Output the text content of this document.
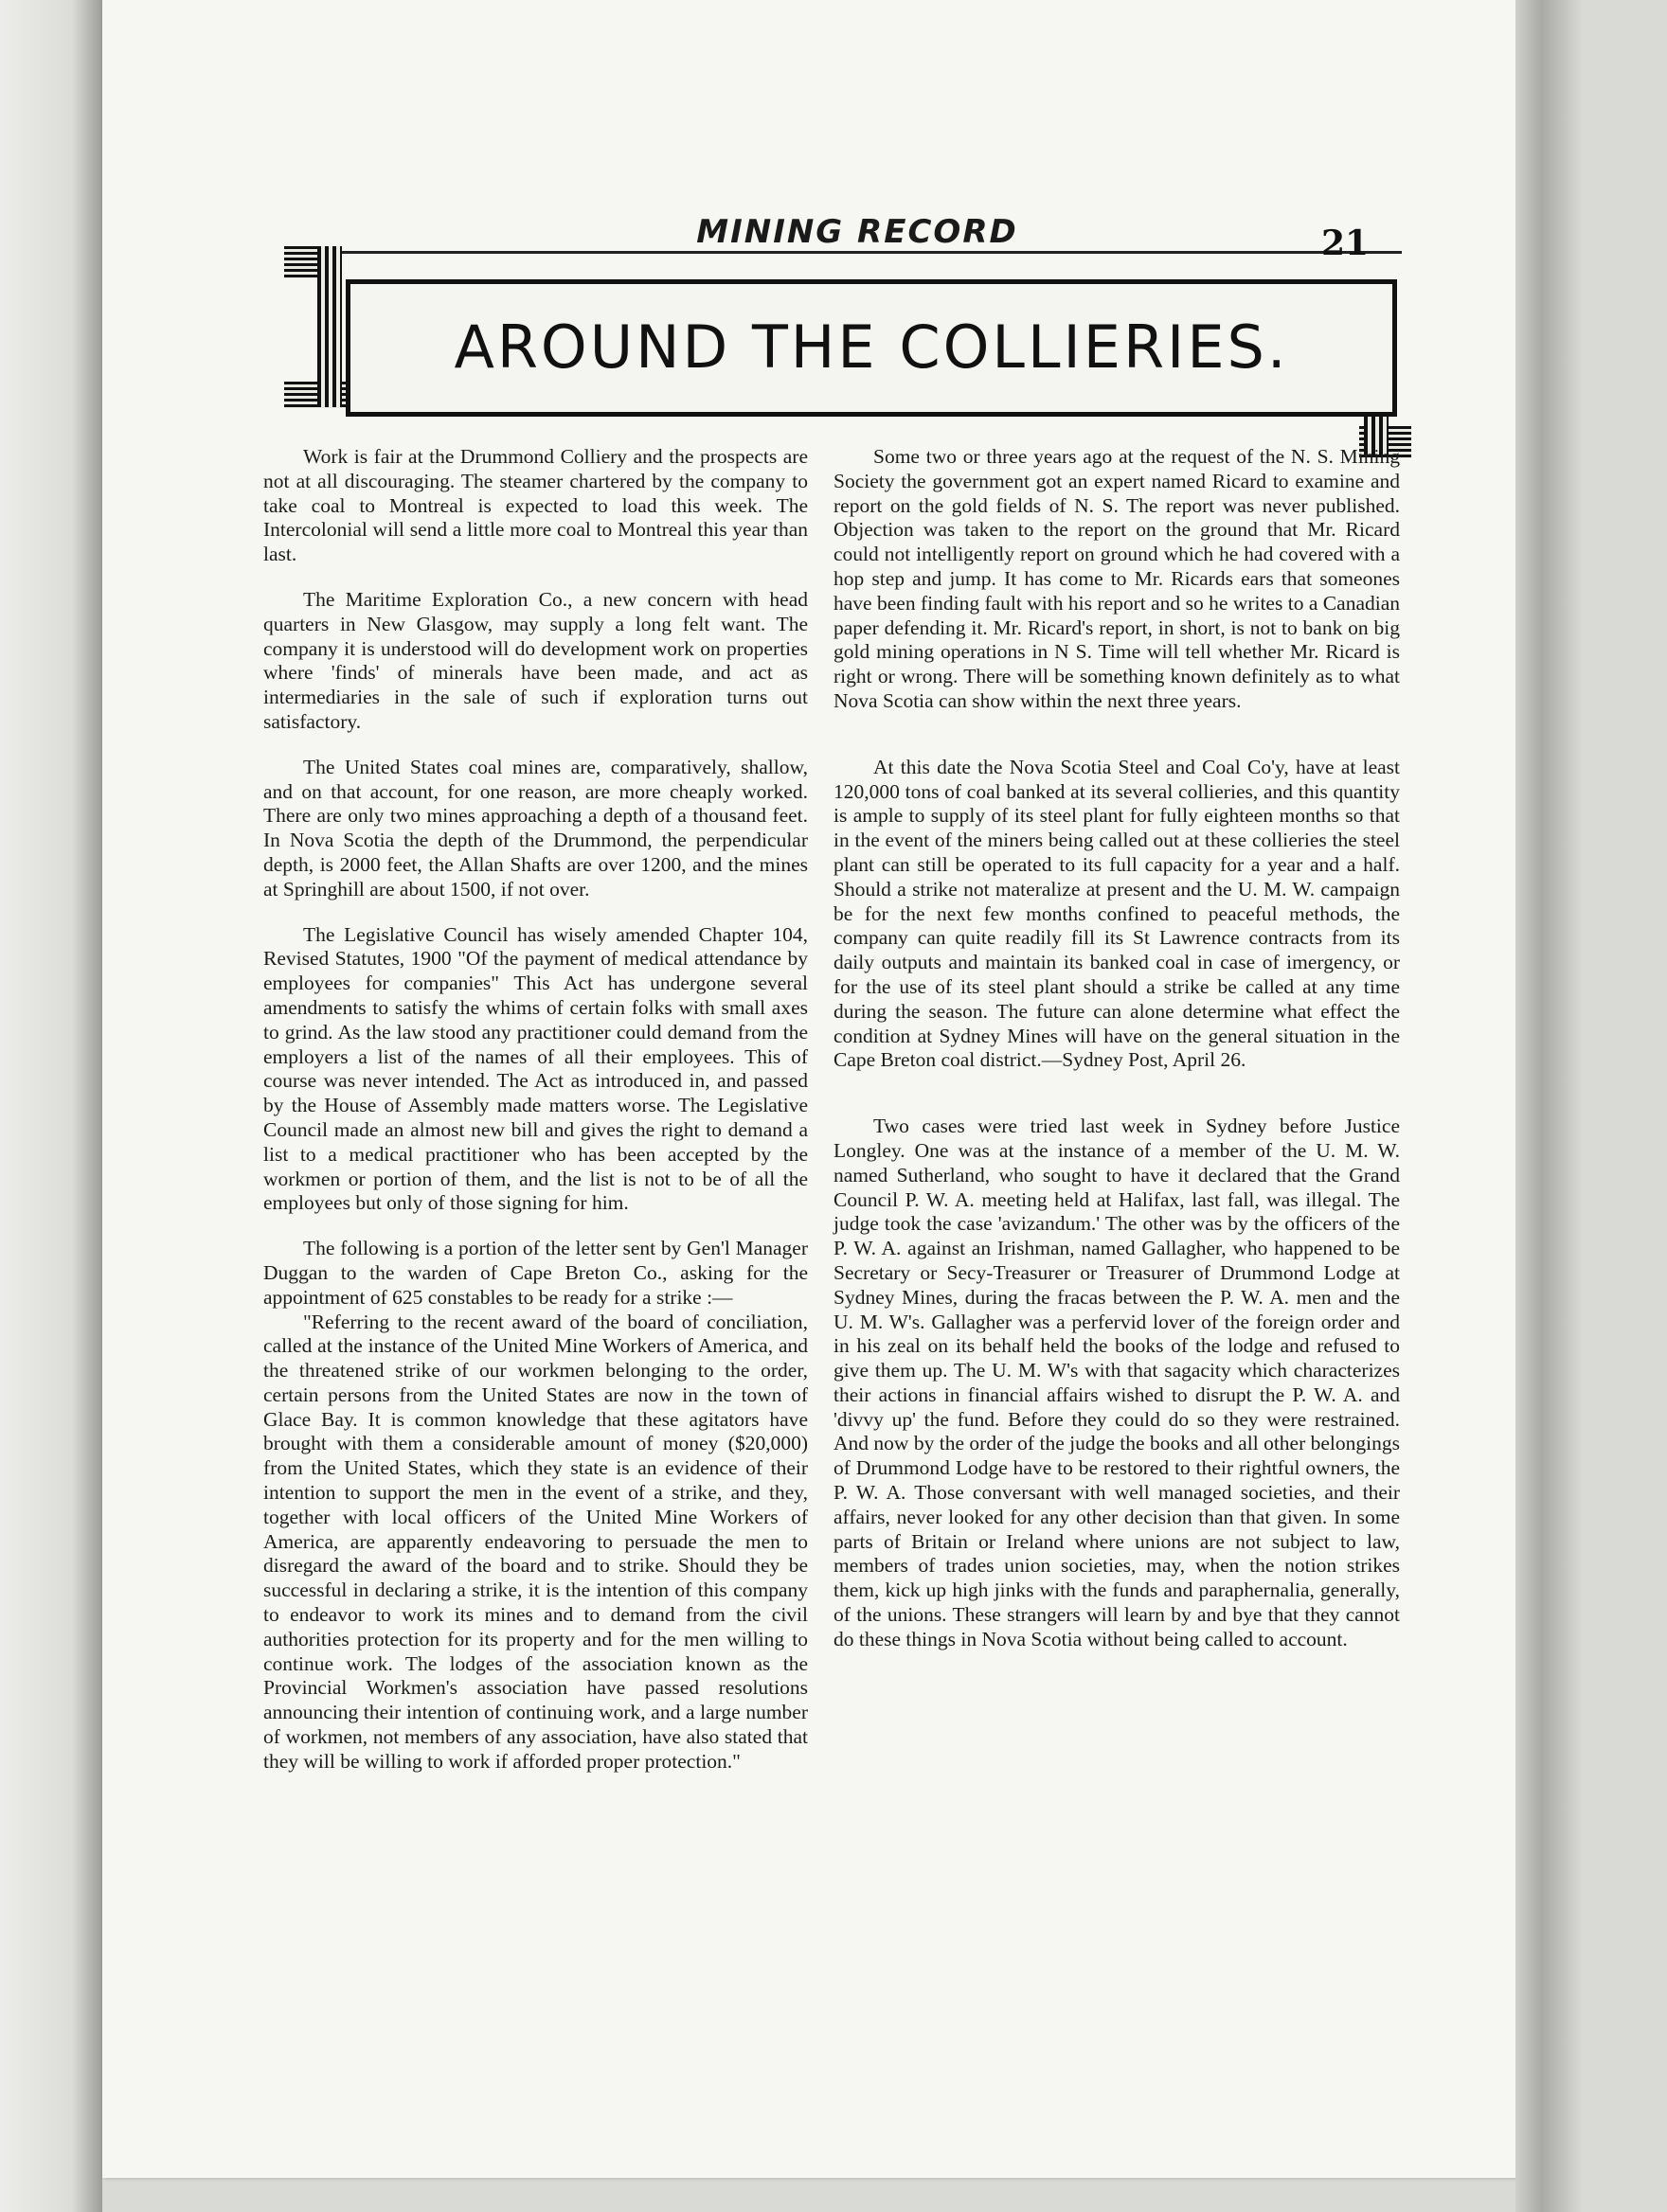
MINING RECORD	21
AROUND THE COLLIERIES.

Work is fair at the Drummond Colliery and the prospects are not at all discouraging. The steamer chartered by the company to take coal to Montreal is expected to load this week. The Intercolonial will send a little more coal to Montreal this year than last.

The Maritime Exploration Co., a new concern with head quarters in New Glasgow, may supply a long felt want. The company it is understood will do development work on properties where 'finds' of minerals have been made, and act as intermediaries in the sale of such if exploration turns out satisfactory.

The United States coal mines are, comparatively, shallow, and on that account, for one reason, are more cheaply worked. There are only two mines approaching a depth of a thousand feet. In Nova Scotia the depth of the Drummond, the perpendicular depth, is 2000 feet, the Allan Shafts are over 1200, and the mines at Springhill are about 1500, if not over.

The Legislative Council has wisely amended Chapter 104, Revised Statutes, 1900 "Of the payment of medical attendance by employees for companies" This Act has undergone several amendments to satisfy the whims of certain folks with small axes to grind. As the law stood any practitioner could demand from the employers a list of the names of all their employees. This of course was never intended. The Act as introduced in, and passed by the House of Assembly made matters worse. The Legislative Council made an almost new bill and gives the right to demand a list to a medical practitioner who has been accepted by the workmen or portion of them, and the list is not to be of all the employees but only of those signing for him.

The following is a portion of the letter sent by Gen'l Manager Duggan to the warden of Cape Breton Co., asking for the appointment of 625 constables to be ready for a strike :—

"Referring to the recent award of the board of conciliation, called at the instance of the United Mine Workers of America, and the threatened strike of our workmen belonging to the order, certain persons from the United States are now in the town of Glace Bay. It is common knowledge that these agitators have brought with them a considerable amount of money ($20,000) from the United States, which they state is an evidence of their intention to support the men in the event of a strike, and they, together with local officers of the United Mine Workers of America, are apparently endeavoring to persuade the men to disregard the award of the board and to strike. Should they be successful in declaring a strike, it is the intention of this company to endeavor to work its mines and to demand from the civil authorities protection for its property and for the men willing to continue work. The lodges of the association known as the Provincial Workmen's association have passed resolutions announcing their intention of continuing work, and a large number of workmen, not members of any association, have also stated that they will be willing to work if afforded proper protection."

Some two or three years ago at the request of the N. S. Mining Society the government got an expert named Ricard to examine and report on the gold fields of N. S. The report was never published. Objection was taken to the report on the ground that Mr. Ricard could not intelligently report on ground which he had covered with a hop step and jump. It has come to Mr. Ricards ears that someones have been finding fault with his report and so he writes to a Canadian paper defending it. Mr. Ricard's report, in short, is not to bank on big gold mining operations in N S. Time will tell whether Mr. Ricard is right or wrong. There will be something known definitely as to what Nova Scotia can show within the next three years.

At this date the Nova Scotia Steel and Coal Co'y, have at least 120,000 tons of coal banked at its several collieries, and this quantity is ample to supply of its steel plant for fully eighteen months so that in the event of the miners being called out at these collieries the steel plant can still be operated to its full capacity for a year and a half. Should a strike not materalize at present and the U. M. W. campaign be for the next few months confined to peaceful methods, the company can quite readily fill its St Lawrence contracts from its daily outputs and maintain its banked coal in case of imergency, or for the use of its steel plant should a strike be called at any time during the season. The future can alone determine what effect the condition at Sydney Mines will have on the general situation in the Cape Breton coal district.—Sydney Post, April 26.

Two cases were tried last week in Sydney before Justice Longley. One was at the instance of a member of the U. M. W. named Sutherland, who sought to have it declared that the Grand Council P. W. A. meeting held at Halifax, last fall, was illegal. The judge took the case 'avizandum.' The other was by the officers of the P. W. A. against an Irishman, named Gallagher, who happened to be Secretary or Secy-Treasurer or Treasurer of Drummond Lodge at Sydney Mines, during the fracas between the P. W. A. men and the U. M. W's. Gallagher was a perfervid lover of the foreign order and in his zeal on its behalf held the books of the lodge and refused to give them up. The U. M. W's with that sagacity which characterizes their actions in financial affairs wished to disrupt the P. W. A. and 'divvy up' the fund. Before they could do so they were restrained. And now by the order of the judge the books and all other belongings of Drummond Lodge have to be restored to their rightful owners, the P. W. A. Those conversant with well managed societies, and their affairs, never looked for any other decision than that given. In some parts of Britain or Ireland where unions are not subject to law, members of trades union societies, may, when the notion strikes them, kick up high jinks with the funds and paraphernalia, generally, of the unions. These strangers will learn by and bye that they cannot do these things in Nova Scotia without being called to account.
